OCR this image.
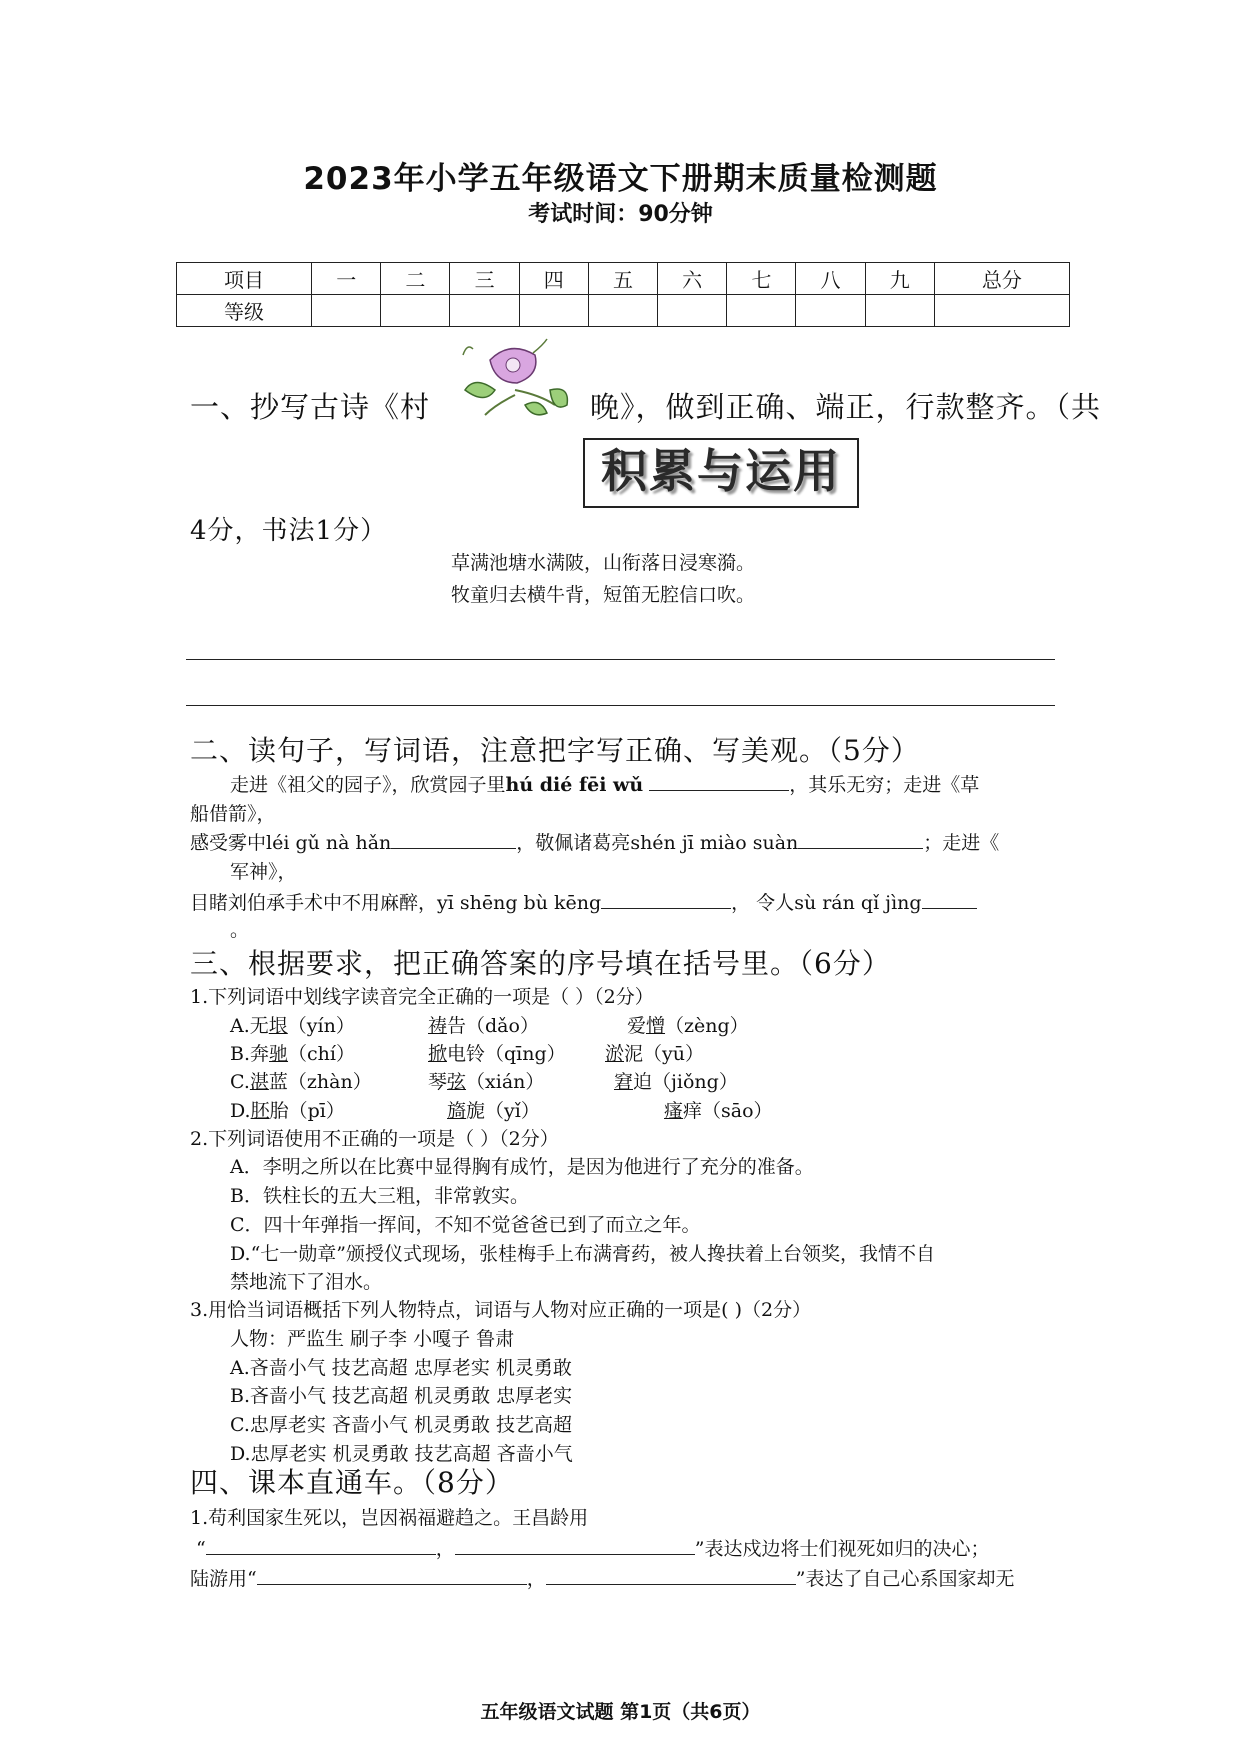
2023年小学五年级语文下册期末质量检测题
考试时间：90分钟
项目	一	二	三	四	五	六	七	八	九	总分
等级										
一、抄写古诗《村	晚》，做到正确、端正，行款整齐。（共
积累与运用
4分，书法1分）
草满池塘水满陂，山衔落日浸寒漪。
牧童归去横牛背，短笛无腔信口吹。
二、读句子，写词语，注意把字写正确、写美观。（5分）
走进《祖父的园子》，欣赏园子里hú dié fēi wǔ	，其乐无穷；走进《草
船借箭》，
感受雾中léi gǔ nà hǎn	，敬佩诸葛亮shén jī miào suàn	；走进《
军神》，
目睹刘伯承手术中不用麻醉，yī shēng bù kēng	， 令人sù rán qǐ jìng
。
三、根据要求，把正确答案的序号填在括号里。（6分）
1.下列词语中划线字读音完全正确的一项是（ ）（2分）
A.无垠（yín）	祷告（dǎo）	爱憎（zèng）
B.奔驰（chí）	掀电铃（qīng） 淤泥（yū）
C.湛蓝（zhàn）	琴弦（xián）	窘迫（jiǒng）
D.胚胎（pī）	旖旎（yǐ）	瘙痒（sāo）
2.下列词语使用不正确的一项是（ ）（2分）
A．李明之所以在比赛中显得胸有成竹，是因为他进行了充分的准备。
B．铁柱长的五大三粗，非常敦实。
C．四十年弹指一挥间，不知不觉爸爸已到了而立之年。
D.“七一勋章”颁授仪式现场，张桂梅手上布满膏药，被人搀扶着上台领奖，我情不自
禁地流下了泪水。
3.用恰当词语概括下列人物特点，词语与人物对应正确的一项是( )（2分）
人物：严监生 刷子李 小嘎子 鲁肃
A.吝啬小气 技艺高超 忠厚老实 机灵勇敢
B.吝啬小气 技艺高超 机灵勇敢 忠厚老实
C.忠厚老实 吝啬小气 机灵勇敢 技艺高超
D.忠厚老实 机灵勇敢 技艺高超 吝啬小气
四、课本直通车。（8分）
1.苟利国家生死以，岂因祸福避趋之。王昌龄用
“	，	”表达戍边将士们视死如归的决心；
陆游用“	，	”表达了自己心系国家却无
五年级语文试题 第1页（共6页）
